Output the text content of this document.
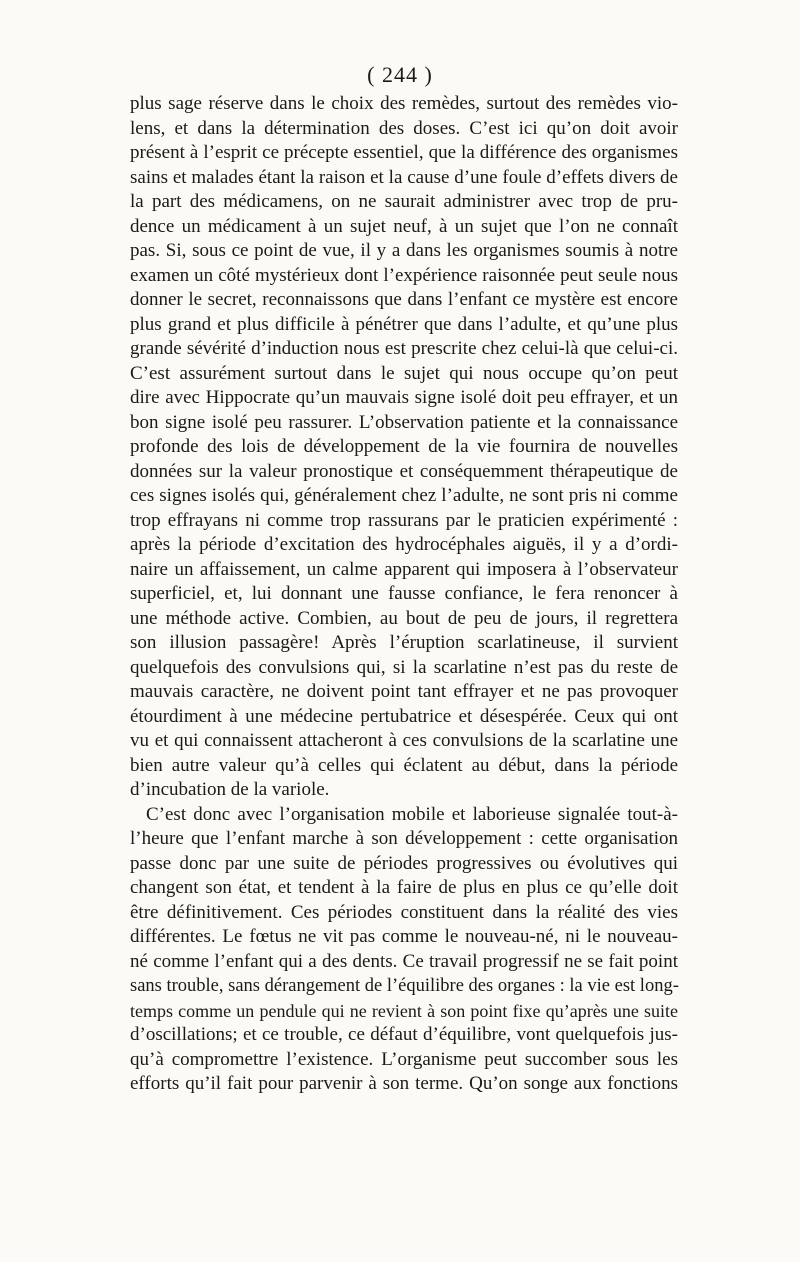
( 244 )
plus sage réserve dans le choix des remèdes, surtout des remèdes vio-
lens, et dans la détermination des doses. C’est ici qu’on doit avoir
présent à l’esprit ce précepte essentiel, que la différence des organismes
sains et malades étant la raison et la cause d’une foule d’effets divers de
la part des médicamens, on ne saurait administrer avec trop de pru-
dence un médicament à un sujet neuf, à un sujet que l’on ne connaît
pas. Si, sous ce point de vue, il y a dans les organismes soumis à notre
examen un côté mystérieux dont l’expérience raisonnée peut seule nous
donner le secret, reconnaissons que dans l’enfant ce mystère est encore
plus grand et plus difficile à pénétrer que dans l’adulte, et qu’une plus
grande sévérité d’induction nous est prescrite chez celui-là que celui-ci.
C’est assurément surtout dans le sujet qui nous occupe qu’on peut
dire avec Hippocrate qu’un mauvais signe isolé doit peu effrayer, et un
bon signe isolé peu rassurer. L’observation patiente et la connaissance
profonde des lois de développement de la vie fournira de nouvelles
données sur la valeur pronostique et conséquemment thérapeutique de
ces signes isolés qui, généralement chez l’adulte, ne sont pris ni comme
trop effrayans ni comme trop rassurans par le praticien expérimenté :
après la période d’excitation des hydrocéphales aiguës, il y a d’ordi-
naire un affaissement, un calme apparent qui imposera à l’observateur
superficiel, et, lui donnant une fausse confiance, le fera renoncer à
une méthode active. Combien, au bout de peu de jours, il regrettera
son illusion passagère! Après l’éruption scarlatineuse, il survient
quelquefois des convulsions qui, si la scarlatine n’est pas du reste de
mauvais caractère, ne doivent point tant effrayer et ne pas provoquer
étourdiment à une médecine pertubatrice et désespérée. Ceux qui ont
vu et qui connaissent attacheront à ces convulsions de la scarlatine une
bien autre valeur qu’à celles qui éclatent au début, dans la période
d’incubation de la variole.
C’est donc avec l’organisation mobile et laborieuse signalée tout-à-
l’heure que l’enfant marche à son développement : cette organisation
passe donc par une suite de périodes progressives ou évolutives qui
changent son état, et tendent à la faire de plus en plus ce qu’elle doit
être définitivement. Ces périodes constituent dans la réalité des vies
différentes. Le fœtus ne vit pas comme le nouveau-né, ni le nouveau-
né comme l’enfant qui a des dents. Ce travail progressif ne se fait point
sans trouble, sans dérangement de l’équilibre des organes : la vie est long-
temps comme un pendule qui ne revient à son point fixe qu’après une suite
d’oscillations; et ce trouble, ce défaut d’équilibre, vont quelquefois jus-
qu’à compromettre l’existence. L’organisme peut succomber sous les
efforts qu’il fait pour parvenir à son terme. Qu’on songe aux fonctions
